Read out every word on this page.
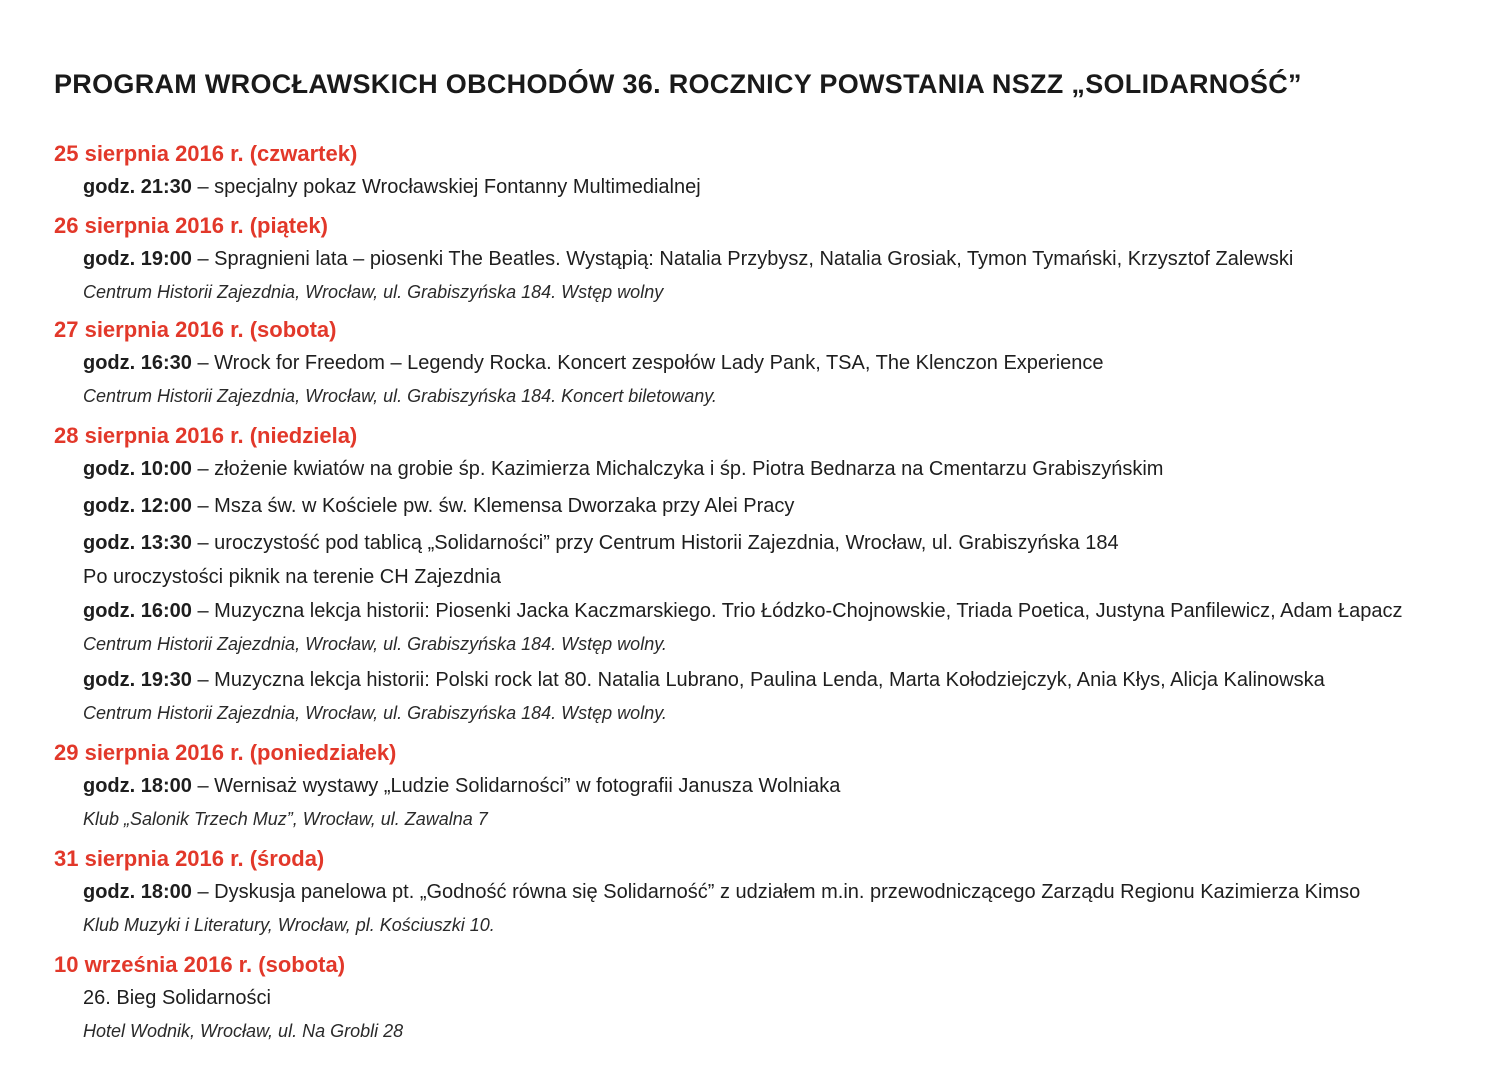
PROGRAM WROCŁAWSKICH OBCHODÓW 36. ROCZNICY POWSTANIA NSZZ „SOLIDARNOŚĆ”
25 sierpnia 2016 r. (czwartek)
godz. 21:30 – specjalny pokaz Wrocławskiej Fontanny Multimedialnej
26 sierpnia 2016 r. (piątek)
godz. 19:00 – Spragnieni lata – piosenki The Beatles. Wystąpią: Natalia Przybysz, Natalia Grosiak, Tymon Tymański, Krzysztof Zalewski
Centrum Historii Zajezdnia, Wrocław, ul. Grabiszyńska 184. Wstęp wolny
27 sierpnia 2016 r. (sobota)
godz. 16:30 – Wrock for Freedom – Legendy Rocka. Koncert zespołów Lady Pank, TSA, The Klenczon Experience
Centrum Historii Zajezdnia, Wrocław, ul. Grabiszyńska 184. Koncert biletowany.
28 sierpnia 2016 r. (niedziela)
godz. 10:00 – złożenie kwiatów na grobie śp. Kazimierza Michalczyka i śp. Piotra Bednarza na Cmentarzu Grabiszyńskim
godz. 12:00 – Msza św. w Kościele pw. św. Klemensa Dworzaka przy Alei Pracy
godz. 13:30 – uroczystość pod tablicą „Solidarności” przy Centrum Historii Zajezdnia, Wrocław, ul. Grabiszyńska 184
Po uroczystości piknik na terenie CH Zajezdnia
godz. 16:00 – Muzyczna lekcja historii: Piosenki Jacka Kaczmarskiego. Trio Łódzko-Chojnowskie, Triada Poetica, Justyna Panfilewicz, Adam Łapacz
Centrum Historii Zajezdnia, Wrocław, ul. Grabiszyńska 184. Wstęp wolny.
godz. 19:30 – Muzyczna lekcja historii: Polski rock lat 80. Natalia Lubrano, Paulina Lenda, Marta Kołodziejczyk, Ania Kłys, Alicja Kalinowska
Centrum Historii Zajezdnia, Wrocław, ul. Grabiszyńska 184. Wstęp wolny.
29 sierpnia 2016 r. (poniedziałek)
godz. 18:00 – Wernisaż wystawy „Ludzie Solidarności” w fotografii Janusza Wolniaka
Klub „Salonik Trzech Muz”, Wrocław, ul. Zawalna 7
31 sierpnia 2016 r. (środa)
godz. 18:00 – Dyskusja panelowa pt. „Godność równa się Solidarność” z udziałem m.in. przewodniczącego Zarządu Regionu Kazimierza Kimso
Klub Muzyki i Literatury, Wrocław, pl. Kościuszki 10.
10 września 2016 r. (sobota)
26. Bieg Solidarności
Hotel Wodnik, Wrocław, ul. Na Grobli 28
